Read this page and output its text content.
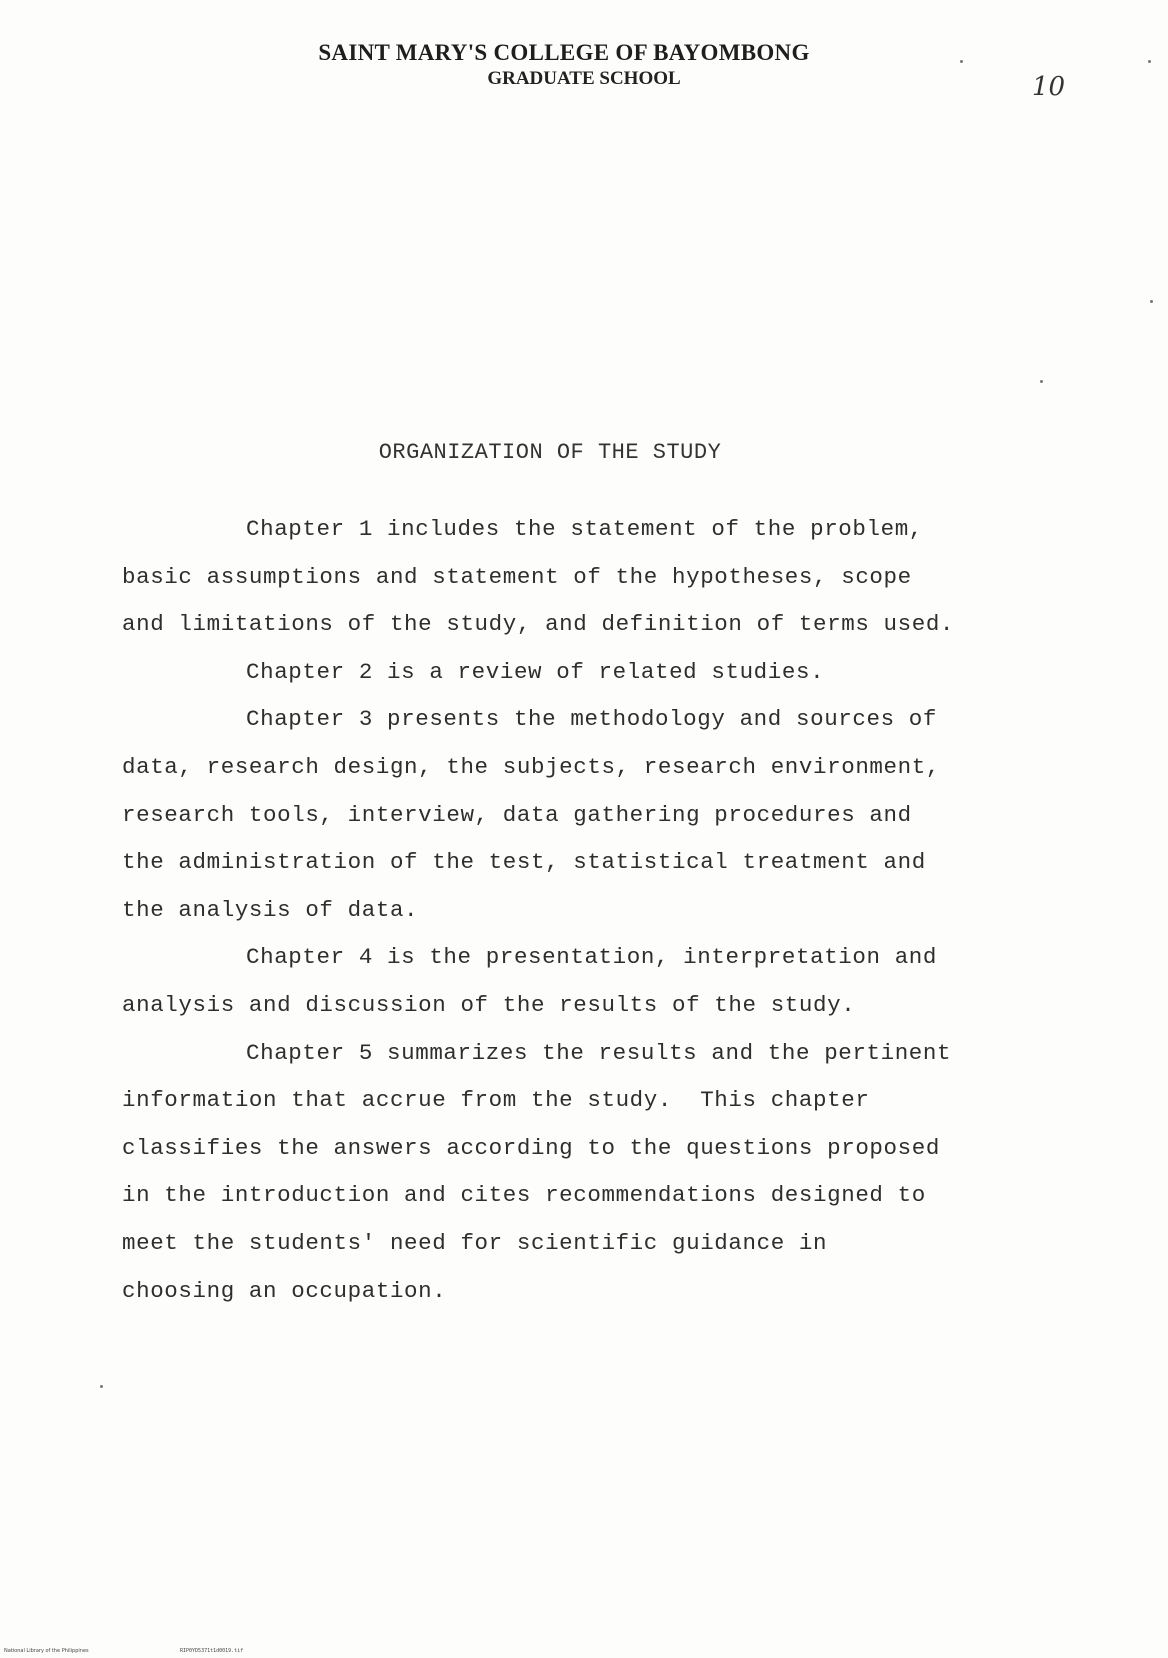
SAINT MARY'S COLLEGE OF BAYOMBONG
GRADUATE SCHOOL	10
ORGANIZATION OF THE STUDY
Chapter 1 includes the statement of the problem,
basic assumptions and statement of the hypotheses, scope
and limitations of the study, and definition of terms used.
Chapter 2 is a review of related studies.
Chapter 3 presents the methodology and sources of
data, research design, the subjects, research environment,
research tools, interview, data gathering procedures and
the administration of the test, statistical treatment and
the analysis of data.
Chapter 4 is the presentation, interpretation and
analysis and discussion of the results of the study.
Chapter 5 summarizes the results and the pertinent
information that accrue from the study.  This chapter
classifies the answers according to the questions proposed
in the introduction and cites recommendations designed to
meet the students' need for scientific guidance in
choosing an occupation.
National Library of the Philippines	RIP0YD5371t1d0019.tif
